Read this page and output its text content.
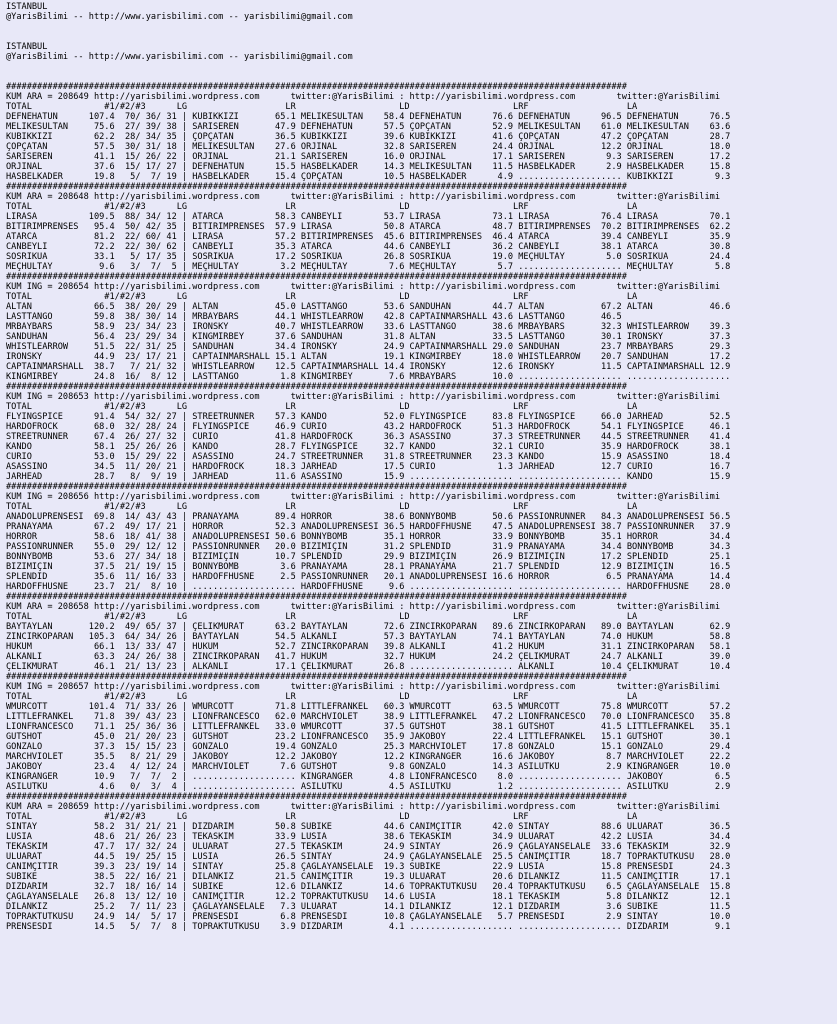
ISTANBUL
@YarisBilimi -- http://www.yarisbilimi.com -- yarisbilimi@gmail.com
ISTANBUL
@YarisBilimi -- http://www.yarisbilimi.com -- yarisbilimi@gmail.com
########################################################################################################################
KUM ARA = 208649 http://yarisbilimi.wordpress.com      twitter:@YarisBilimi : http://yarisbilimi.wordpress.com        twitter:@YarisBilimi
TOTAL              #1/#2/#3      LG                   LR                    LD                    LRF                   LA
DEFNEHATUN      107.4  70/ 36/ 31 | KUBIKKIZI       65.1 MELIKESULTAN    58.4 DEFNEHATUN      76.6 DEFNEHATUN      96.5 DEFNEHATUN      76.5
MELIKESULTAN     75.6  27/ 39/ 38 | SARISEREN       47.9 DEFNEHATUN      57.5 ÇÖPÇATAN        52.9 MELIKESULTAN    61.0 MELIKESULTAN    63.6
KUBIKKIZI        62.2  28/ 34/ 35 | ÇÖPÇATAN        36.5 KUBIKKIZI       39.6 KUBIKKIZI       41.6 ÇÖPÇATAN        47.2 ÇÖPÇATAN        28.7
ÇÖPÇATAN         57.5  30/ 31/ 18 | MELIKESULTAN    27.6 ORJINAL         32.8 SARISEREN       24.4 ORJINAL         12.2 ORJINAL         18.0
SARISEREN        41.1  15/ 26/ 22 | ORJINAL         21.1 SARISEREN       16.0 ORJINAL         17.1 SARISEREN        9.3 SARISEREN       17.2
ORJINAL          37.6  15/ 17/ 27 | DEFNEHATUN      15.5 HASBELKADER     14.3 MELIKESULTAN    11.5 HASBELKADER      2.9 HASBELKADER     15.8
HASBELKADER      19.8   5/  7/ 19 | HASBELKADER     15.4 ÇÖPÇATAN        10.5 HASBELKADER      4.9 .................... KUBIKKIZI        9.3
########################################################################################################################
KUM ARA = 208648 http://yarisbilimi.wordpress.com      twitter:@YarisBilimi : http://yarisbilimi.wordpress.com        twitter:@YarisBilimi
TOTAL              #1/#2/#3      LG                   LR                    LD                    LRF                   LA
LIRASA          109.5  88/ 34/ 12 | ATARCA          58.3 CANBEYLI        53.7 LIRASA          73.1 LIRASA          76.4 LIRASA          70.1
BITIRIMPRENSES   95.4  50/ 42/ 35 | BITIRIMPRENSES  57.9 LIRASA          50.8 ATARCA          48.7 BITIRIMPRENSES  70.2 BITIRIMPRENSES  62.2
ATARCA           81.2  22/ 60/ 41 | LIRASA          57.2 BITIRIMPRENSES  45.6 BITIRIMPRENSES  46.4 ATARCA          39.4 CANBEYLI        35.9
CANBEYLI         72.2  22/ 30/ 62 | CANBEYLI        35.3 ATARCA          44.6 CANBEYLI        36.2 CANBEYLI        38.1 ATARCA          30.8
SOSRIKUA         33.1   5/ 17/ 35 | SOSRIKUA        17.2 SOSRIKUA        26.8 SOSRIKUA        19.0 MEÇHULTAY        5.0 SOSRIKUA        24.4
MEÇHULTAY         9.6   3/  7/  5 | MEÇHULTAY        3.2 MEÇHULTAY        7.6 MEÇHULTAY        5.7 .................... MEÇHULTAY        5.8
########################################################################################################################
KUM ING = 208654 http://yarisbilimi.wordpress.com      twitter:@YarisBilimi : http://yarisbilimi.wordpress.com        twitter:@YarisBilimi
TOTAL              #1/#2/#3      LG                   LR                    LD                    LRF                   LA
ALTAN            66.5  38/ 20/ 29 | ALTAN           45.0 LASTTANGO       53.6 SANDUHAN        44.7 ALTAN           67.2 ALTAN           46.6
LASTTANGO        59.8  38/ 30/ 14 | MRBAYBARS       44.1 WHISTLEARROW    42.8 CAPTAINMARSHALL 43.6 LASTTANGO       46.5
MRBAYBARS        58.9  23/ 34/ 23 | IRONSKY         40.7 WHISTLEARROW    33.6 LASTTANGO       38.6 MRBAYBARS       32.3 WHISTLEARROW    39.3
SANDUHAN         56.4  23/ 29/ 34 | KINGMIRBEY      37.6 SANDUHAN        31.8 ALTAN           33.5 LASTTANGO       30.1 IRONSKY         37.3
WHISTLEARROW     51.5  22/ 31/ 25 | SANDUHAN        34.4 IRONSKY         24.9 CAPTAINMARSHALL 29.0 SANDUHAN        23.7 MRBAYBARS       29.3
IRONSKY          44.9  23/ 17/ 21 | CAPTAINMARSHALL 15.1 ALTAN           19.1 KINGMIRBEY      18.0 WHISTLEARROW    20.7 SANDUHAN        17.2
CAPTAINMARSHALL  38.7   7/ 21/ 32 | WHISTLEARROW    12.5 CAPTAINMARSHALL 14.4 IRONSKY         12.6 IRONSKY         11.5 CAPTAINMARSHALL 12.9
KINGMIRBEY       24.8  16/  8/ 12 | LASTTANGO        1.8 KINGMIRBEY       7.6 MRBAYBARS       10.0 .................... ....................
########################################################################################################################
KUM ING = 208653 http://yarisbilimi.wordpress.com      twitter:@YarisBilimi : http://yarisbilimi.wordpress.com        twitter:@YarisBilimi
TOTAL              #1/#2/#3      LG                   LR                    LD                    LRF                   LA
FLYINGSPICE      91.4  54/ 32/ 27 | STREETRUNNER    57.3 KANDO           52.0 FLYINGSPICE     83.8 FLYINGSPICE     66.0 JARHEAD         52.5
HARDOFROCK       68.0  32/ 28/ 24 | FLYINGSPICE     46.9 CURIO           43.2 HARDOFROCK      51.3 HARDOFROCK      54.1 FLYINGSPICE     46.1
STREETRUNNER     67.4  26/ 27/ 32 | CURIO           41.8 HARDOFROCK      36.3 ASASSINO        37.3 STREETRUNNER    44.5 STREETRUNNER    41.4
KANDO            58.1  25/ 26/ 26 | KANDO           28.7 FLYINGSPICE     32.7 KANDO           32.1 CURIO           35.9 HARDOFROCK      38.1
CURIO            53.0  15/ 29/ 22 | ASASSINO        24.7 STREETRUNNER    31.8 STREETRUNNER    23.3 KANDO           15.9 ASASSINO        18.4
ASASSINO         34.5  11/ 20/ 21 | HARDOFROCK      18.3 JARHEAD         17.5 CURIO            1.3 JARHEAD         12.7 CURIO           16.7
JARHEAD          28.7   8/  9/ 19 | JARHEAD         11.6 ASASSINO        15.9 .................... .................... KANDO           15.9
########################################################################################################################
KUM ING = 208656 http://yarisbilimi.wordpress.com      twitter:@YarisBilimi : http://yarisbilimi.wordpress.com        twitter:@YarisBilimi
TOTAL              #1/#2/#3      LG                   LR                    LD                    LRF                   LA
ANADOLUPRENSESI  69.8  14/ 43/ 43 | PRANAYAMA       89.4 HORROR          38.6 BONNYBOMB       50.6 PASSIONRUNNER   84.3 ANADOLUPRENSESI 56.5
PRANAYAMA        67.2  49/ 17/ 21 | HORROR          52.3 ANADOLUPRENSESI 36.5 HARDOFFHÜSNE    47.5 ANADOLUPRENSESI 38.7 PASSIONRUNNER   37.9
HORROR           58.6  18/ 41/ 38 | ANADOLUPRENSESI 50.6 BONNYBOMB       35.1 HORROR          33.9 BONNYBOMB       35.1 HORROR          34.4
PASSIONRUNNER    55.0  29/ 12/ 12 | PASSIONRUNNER   20.0 BIZIMIÇIN       31.2 SPLENDID        31.9 PRANAYAMA       34.4 BONNYBOMB       34.3
BONNYBOMB        53.6  27/ 34/ 18 | BIZIMIÇIN       10.7 SPLENDID        29.9 BIZIMIÇIN       26.9 BIZIMIÇIN       17.2 SPLENDID        25.1
BIZIMIÇIN        37.5  21/ 19/ 15 | BONNYBOMB        3.6 PRANAYAMA       28.1 PRANAYAMA       21.7 SPLENDID        12.9 BIZIMIÇIN       16.5
SPLENDID         35.6  11/ 16/ 33 | HARDOFFHÜSNE     2.5 PASSIONRUNNER   20.1 ANADOLUPRENSESI 16.6 HORROR           6.5 PRANAYAMA       14.4
HARDOFFHÜSNE     23.7  21/  8/ 10 | .................... HARDOFFHÜSNE     9.6 .................... .................... HARDOFFHÜSNE    28.0
########################################################################################################################
KUM ARA = 208658 http://yarisbilimi.wordpress.com      twitter:@YarisBilimi : http://yarisbilimi.wordpress.com        twitter:@YarisBilimi
TOTAL              #1/#2/#3      LG                   LR                    LD                    LRF                   LA
BAYTAYLAN       120.2  49/ 65/ 37 | ÇELIKMURAT      63.2 BAYTAYLAN       72.6 ZINCIRKOPARAN   89.6 ZINCIRKOPARAN   89.0 BAYTAYLAN       62.9
ZINCIRKOPARAN   105.3  64/ 34/ 26 | BAYTAYLAN       54.5 ALKANLI         57.3 BAYTAYLAN       74.1 BAYTAYLAN       74.0 HÜKÜM           58.8
HÜKÜM            66.1  13/ 33/ 47 | HÜKÜM           52.7 ZINCIRKOPARAN   39.8 ALKANLI         41.2 HÜKÜM           31.1 ZINCIRKOPARAN   58.1
ALKANLI          63.3  24/ 26/ 38 | ZINCIRKOPARAN   41.7 HÜKÜM           32.7 HÜKÜM           24.2 ÇELIKMURAT      24.7 ALKANLI         39.0
ÇELIKMURAT       46.1  21/ 13/ 23 | ALKANLI         17.1 ÇELIKMURAT      26.8 .................... ALKANLI         10.4 ÇELIKMURAT      10.4
########################################################################################################################
KUM ING = 208657 http://yarisbilimi.wordpress.com      twitter:@YarisBilimi : http://yarisbilimi.wordpress.com        twitter:@YarisBilimi
TOTAL              #1/#2/#3      LG                   LR                    LD                    LRF                   LA
WMURCOTT        101.4  71/ 33/ 26 | WMURCOTT        71.8 LITTLEFRANKEL   60.3 WMURCOTT        63.5 WMURCOTT        75.8 WMURCOTT        57.2
LITTLEFRANKEL    71.8  39/ 43/ 23 | LIONFRANCESCO   62.0 MARCHVIOLET     38.9 LITTLEFRANKEL   47.2 LIONFRANCESCO   70.0 LIONFRANCESCO   35.8
LIONFRANCESCO    71.1  25/ 36/ 36 | LITTLEFRANKEL   33.0 WMURCOTT        37.5 GUTSHOT         38.1 GUTSHOT         41.5 LITTLEFRANKEL   35.1
GUTSHOT          45.0  21/ 20/ 23 | GUTSHOT         23.2 LIONFRANCESCO   35.9 JAKOBOY         22.4 LITTLEFRANKEL   15.1 GUTSHOT         30.1
GONZALO          37.3  15/ 15/ 23 | GONZALO         19.4 GONZALO         25.3 MARCHVIOLET     17.8 GONZALO         15.1 GONZALO         29.4
MARCHVIOLET      35.5   8/ 21/ 29 | JAKOBOY         12.2 JAKOBOY         12.2 KINGRANGER      16.6 JAKOBOY          8.7 MARCHVIOLET     22.2
JAKOBOY          23.4   4/ 12/ 24 | MARCHVIOLET      7.6 GUTSHOT          9.8 GONZALO         14.3 ASILUTKU         2.9 KINGRANGER      10.0
KINGRANGER       10.9   7/  7/  2 | .................... KINGRANGER       4.8 LIONFRANCESCO    8.0 .................... JAKOBOY          6.5
ASILUTKU          4.6   0/  3/  4 | .................... ASILUTKU         4.5 ASILUTKU         1.2 .................... ASILUTKU         2.9
########################################################################################################################
KUM ARA = 208659 http://yarisbilimi.wordpress.com      twitter:@YarisBilimi : http://yarisbilimi.wordpress.com        twitter:@YarisBilimi
TOTAL              #1/#2/#3      LG                   LR                    LD                    LRF                   LA
SINTAY           58.2  31/ 21/ 21 | DIZDARIM        50.8 SUBIKE          44.6 CANIMÇITIR      42.0 SINTAY          88.6 ULUARAT         36.5
LUSIA            48.6  21/ 26/ 23 | TEKASKIM        33.9 LUSIA           38.6 TEKASKIM        34.9 ULUARAT         42.2 LUSIA           34.4
TEKASKIM         47.7  17/ 32/ 24 | ULUARAT         27.5 TEKASKIM        24.9 SINTAY          26.9 ÇAGLAYANSELALE  33.6 TEKASKIM        32.9
ULUARAT          44.5  19/ 25/ 15 | LUSIA           26.5 SINTAY          24.9 ÇAGLAYANSELALE  25.5 CANIMÇITIR      18.7 TOPRAKTUTKUSU   28.0
CANIMÇITIR       39.3  23/ 19/ 14 | SINTAY          25.8 ÇAGLAYANSELALE  19.3 SUBIKE          22.9 LUSIA           15.8 PRENSESDI       24.3
SUBIKE           38.5  22/ 16/ 21 | DILANKIZ        21.5 CANIMÇITIR      19.3 ULUARAT         20.6 DILANKIZ        11.5 CANIMÇITIR      17.1
DIZDARIM         32.7  18/ 16/ 14 | SUBIKE          12.6 DILANKIZ        14.6 TOPRAKTUTKUSU   20.4 TOPRAKTUTKUSU    6.5 ÇAGLAYANSELALE  15.8
ÇAGLAYANSELALE   26.8  13/ 12/ 10 | CANIMÇITIR      12.2 TOPRAKTUTKUSU   14.6 LUSIA           18.1 TEKASKIM         5.8 DILANKIZ        12.1
DILANKIZ         25.2   7/ 11/ 23 | ÇAGLAYANSELALE   7.3 ULUARAT         14.1 DILANKIZ        12.1 DIZDARIM         3.6 SUBIKE          11.5
TOPRAKTUTKUSU    24.9  14/  5/ 17 | PRENSESDI        6.8 PRENSESDI       10.8 ÇAGLAYANSELALE   5.7 PRENSESDI        2.9 SINTAY          10.0
PRENSESDI        14.5   5/  7/  8 | TOPRAKTUTKUSU    3.9 DIZDARIM         4.1 .................... .................... DIZDARIM         9.1
